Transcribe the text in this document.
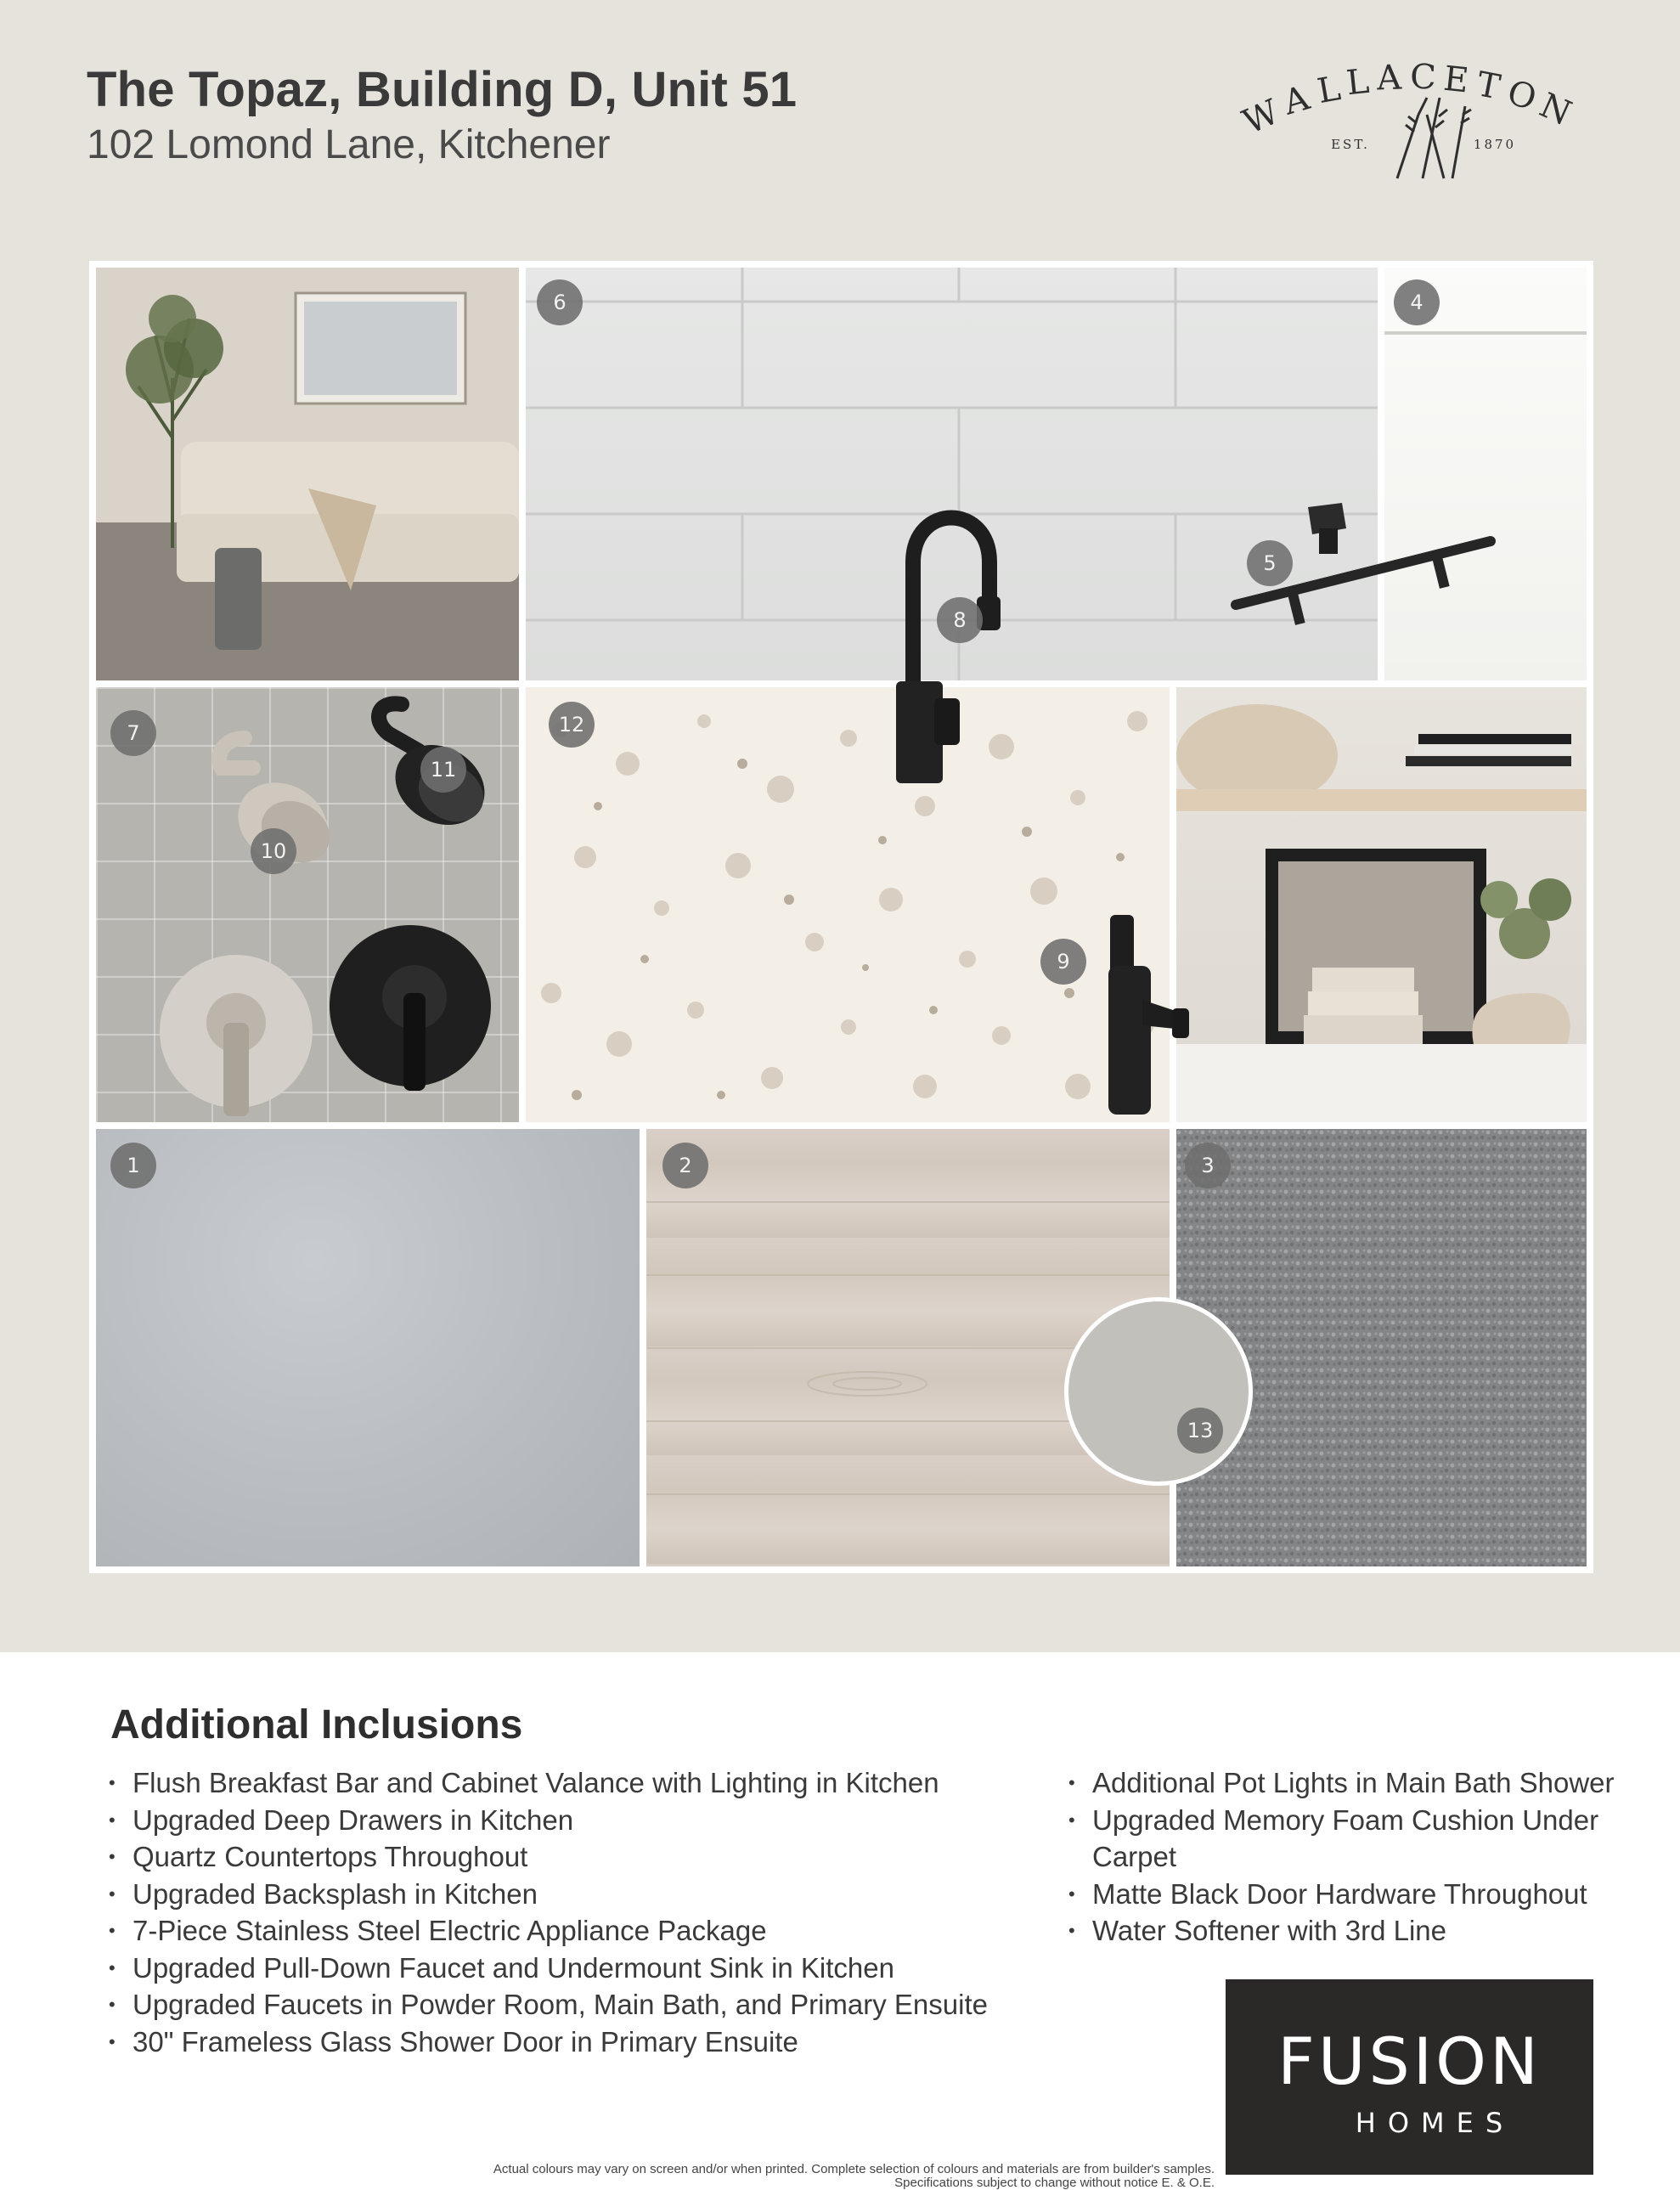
The Topaz, Building D, Unit 51
102 Lomond Lane, Kitchener
W
A L L A C E T O
N
EST.	1870
1	2	3
4
5
6
7
8
9
10
11
12
13
Additional Inclusions
• Flush Breakfast Bar and Cabinet Valance with Lighting in Kitchen
• Upgraded Deep Drawers in Kitchen
• Quartz Countertops Throughout
• Upgraded Backsplash in Kitchen
• 7-Piece Stainless Steel Electric Appliance Package
• Upgraded Pull-Down Faucet and Undermount Sink in Kitchen
• Upgraded Faucets in Powder Room, Main Bath, and Primary Ensuite
• 30" Frameless Glass Shower Door in Primary Ensuite
• Additional Pot Lights in Main Bath Shower
• Upgraded Memory Foam Cushion Under Carpet
• Matte Black Door Hardware Throughout
• Water Softener with 3rd Line
FUSION
HOMES
Actual colours may vary on screen and/or when printed. Complete selection of colours and materials are from builder's samples.
Specifications subject to change without notice E. & O.E.
